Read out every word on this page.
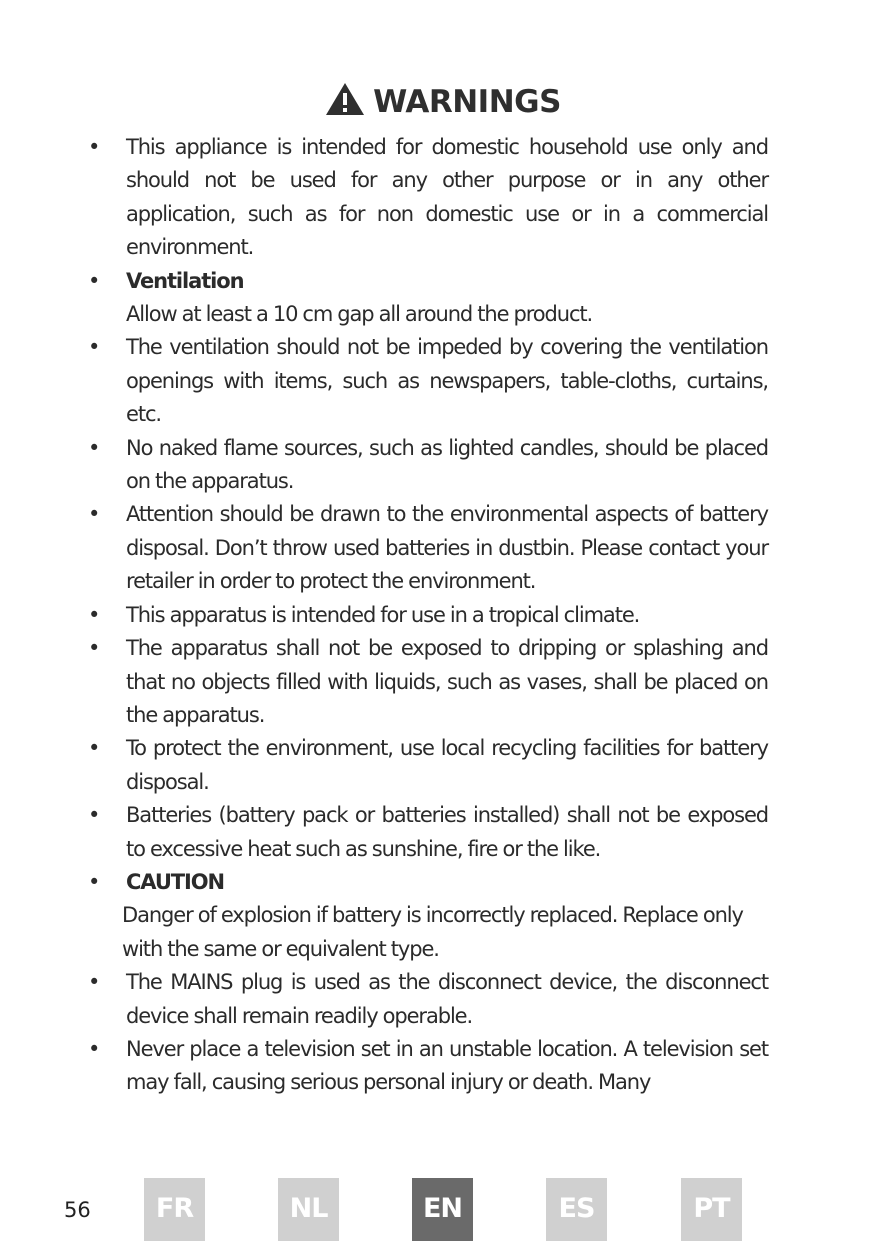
WARNINGS
• This appliance is intended for domestic household use only and should not be used for any other purpose or in any other application, such as for non domestic use or in a commercial environment.
• Ventilation
Allow at least a 10 cm gap all around the product.
• The ventilation should not be impeded by covering the ventilation openings with items, such as newspapers, table-cloths, curtains, etc.
• No naked flame sources, such as lighted candles, should be placed on the apparatus.
• Attention should be drawn to the environmental aspects of battery disposal. Don’t throw used batteries in dustbin. Please contact your retailer in order to protect the environment.
• This apparatus is intended for use in a tropical climate.
• The apparatus shall not be exposed to dripping or splashing and that no objects filled with liquids, such as vases, shall be placed on the apparatus.
• To protect the environment, use local recycling facilities for battery disposal.
• Batteries (battery pack or batteries installed) shall not be exposed to excessive heat such as sunshine, fire or the like.
• CAUTION
Danger of explosion if battery is incorrectly replaced. Replace only with the same or equivalent type.
• The MAINS plug is used as the disconnect device, the disconnect device shall remain readily operable.
• Never place a television set in an unstable location. A television set may fall, causing serious personal injury or death. Many
56	FR	NL	EN	ES	PT
